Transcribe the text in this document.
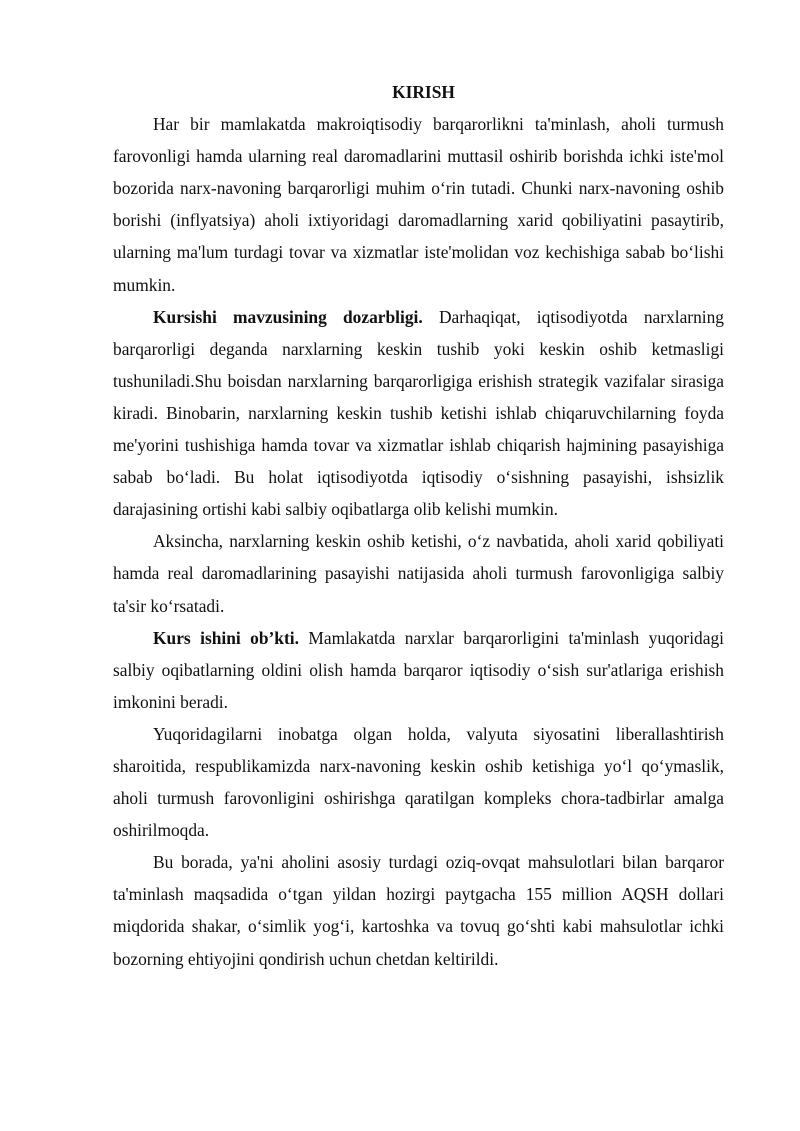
KIRISH

Har bir mamlakatda makroiqtisodiy barqarorlikni ta'minlash, aholi turmush farovonligi hamda ularning real daromadlarini muttasil oshirib borishda ichki iste'mol bozorida narx-navoning barqarorligi muhim o‘rin tutadi. Chunki narx-navoning oshib borishi (inflyatsiya) aholi ixtiyoridagi daromadlarning xarid qobiliyatini pasaytirib, ularning ma'lum turdagi tovar va xizmatlar iste'molidan voz kechishiga sabab bo‘lishi mumkin.

Kursishi mavzusining dozarbligi. Darhaqiqat, iqtisodiyotda narxlarning barqarorligi deganda narxlarning keskin tushib yoki keskin oshib ketmasligi tushuniladi.Shu boisdan narxlarning barqarorligiga erishish strategik vazifalar sirasiga kiradi. Binobarin, narxlarning keskin tushib ketishi ishlab chiqaruvchilarning foyda me'yorini tushishiga hamda tovar va xizmatlar ishlab chiqarish hajmining pasayishiga sabab bo‘ladi. Bu holat iqtisodiyotda iqtisodiy o‘sishning pasayishi, ishsizlik darajasining ortishi kabi salbiy oqibatlarga olib kelishi mumkin.

Aksincha, narxlarning keskin oshib ketishi, o‘z navbatida, aholi xarid qobiliyati hamda real daromadlarining pasayishi natijasida aholi turmush farovonligiga salbiy ta'sir ko‘rsatadi.

Kurs ishini ob’kti. Mamlakatda narxlar barqarorligini ta'minlash yuqoridagi salbiy oqibatlarning oldini olish hamda barqaror iqtisodiy o‘sish sur'atlariga erishish imkonini beradi.

Yuqoridagilarni inobatga olgan holda, valyuta siyosatini liberallashtirish sharoitida, respublikamizda narx-navoning keskin oshib ketishiga yo‘l qo‘ymaslik, aholi turmush farovonligini oshirishga qaratilgan kompleks chora-tadbirlar amalga oshirilmoqda.

Bu borada, ya'ni aholini asosiy turdagi oziq-ovqat mahsulotlari bilan barqaror ta'minlash maqsadida o‘tgan yildan hozirgi paytgacha 155 million AQSH dollari miqdorida shakar, o‘simlik yog‘i, kartoshka va tovuq go‘shti kabi mahsulotlar ichki bozorning ehtiyojini qondirish uchun chetdan keltirildi.
